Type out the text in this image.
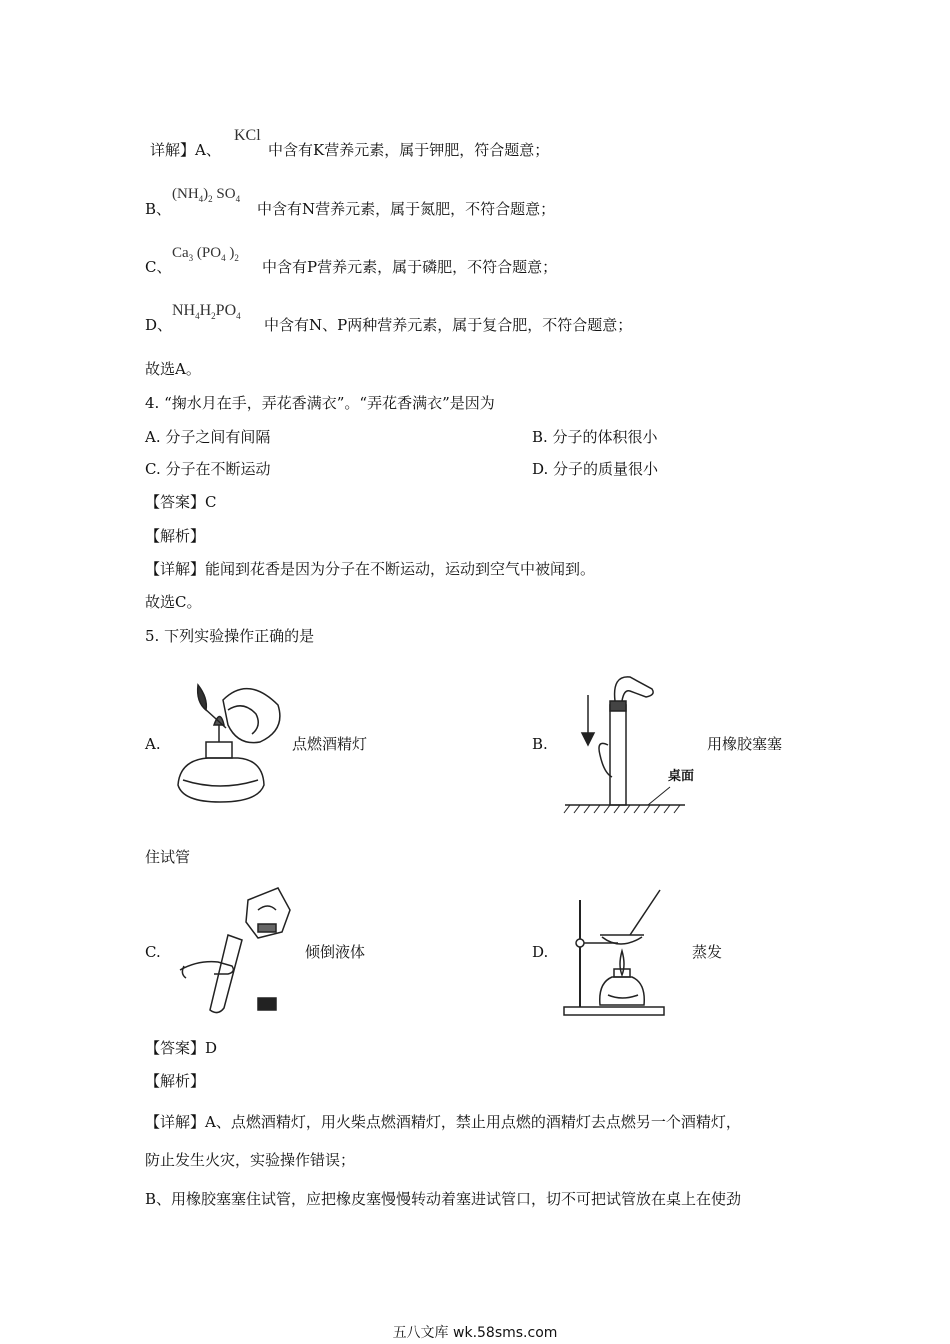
详解】A、
KCl
中含有K营养元素，属于钾肥，符合题意；
B、
$(NH_4)_2$ $SO_4$
中含有N营养元素，属于氮肥，不符合题意；
C、
$Ca_3$ ($PO_4$ )$_2$ 中含有P营养元素，属于磷肥，不符合题意；
D、
$NH_4H_2PO_4$ 中含有N、P两种营养元素，属于复合肥，不符合题意；
故选A。
4. “掬水月在手，弄花香满衣”。“弄花香满衣”是因为
A. 分子之间有间隔	B. 分子的体积很小
C. 分子在不断运动	D. 分子的质量很小
【答案】C
【解析】
【详解】能闻到花香是因为分子在不断运动，运动到空气中被闻到。
故选C。
5. 下列实验操作正确的是
A.	点燃酒精灯	B.
桌面
用橡胶塞塞
住试管
C.	倾倒液体	D.	蒸发
【答案】D
【解析】
【详解】A、点燃酒精灯，用火柴点燃酒精灯，禁止用点燃的酒精灯去点燃另一个酒精灯，
防止发生火灾，实验操作错误；
B、用橡胶塞塞住试管，应把橡皮塞慢慢转动着塞进试管口，切不可把试管放在桌上在使劲
五八文库 wk.58sms.com
